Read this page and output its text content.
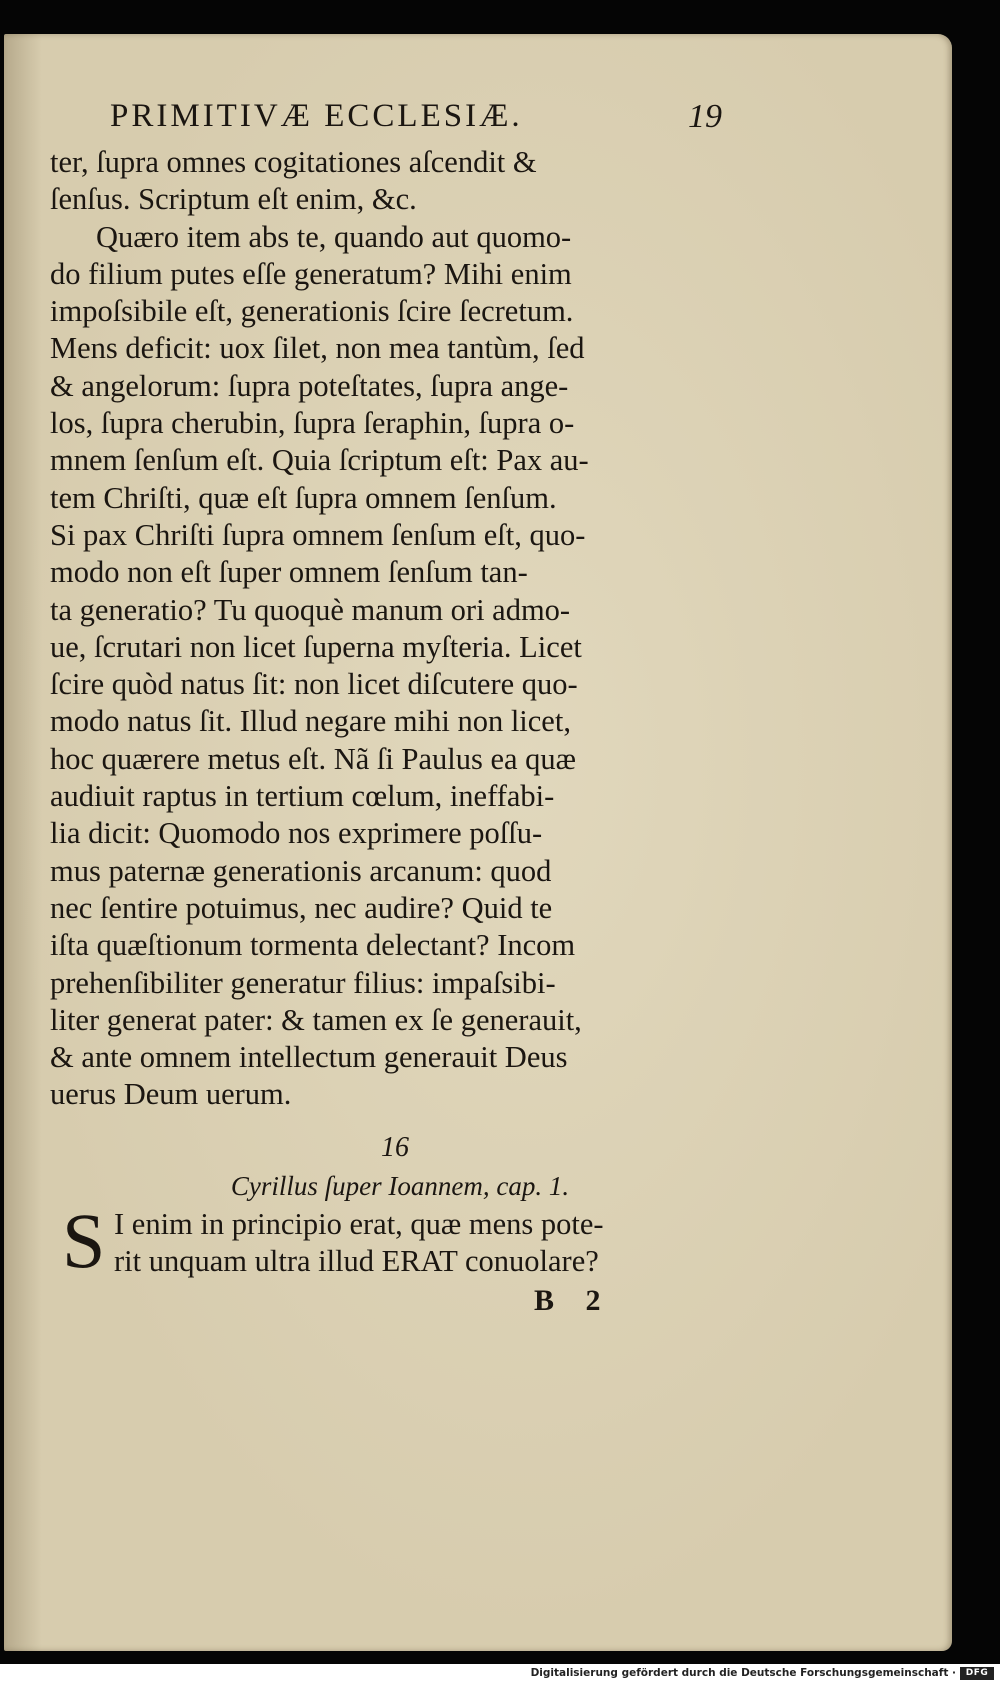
PRIMITIVÆ ECCLESIÆ.	19
ter, ſupra omnes cogitationes aſcendit &
ſenſus. Scriptum eſt enim, &c.
Quæro item abs te, quando aut quomo-
do filium putes eſſe generatum? Mihi enim
impoſsibile eſt, generationis ſcire ſecretum.
Mens deficit: uox ſilet, non mea tantùm, ſed
& angelorum: ſupra poteſtates, ſupra ange-
los, ſupra cherubin, ſupra ſeraphin, ſupra o-
mnem ſenſum eſt. Quia ſcriptum eſt: Pax au-
tem Chriſti, quæ eſt ſupra omnem ſenſum.
Si pax Chriſti ſupra omnem ſenſum eſt, quo-
modo non eſt ſuper omnem ſenſum tan-
ta generatio? Tu quoquè manum ori admo-
ue, ſcrutari non licet ſuperna myſteria. Licet
ſcire quòd natus ſit: non licet diſcutere quo-
modo natus ſit. Illud negare mihi non licet,
hoc quærere metus eſt. Nã ſi Paulus ea quæ
audiuit raptus in tertium cœlum, ineffabi-
lia dicit: Quomodo nos exprimere poſſu-
mus paternæ generationis arcanum: quod
nec ſentire potuimus, nec audire? Quid te
iſta quæſtionum tormenta delectant? Incom
prehenſibiliter generatur filius: impaſsibi-
liter generat pater: & tamen ex ſe generauit,
& ante omnem intellectum generauit Deus
uerus Deum uerum.
16
Cyrillus ſuper Ioannem, cap. 1.
S I enim in principio erat, quæ mens pote-
rit unquam ultra illud ERAT conuolare?
B 2
Digitalisierung gefördert durch die Deutsche Forschungsgemeinschaft ·	DFG
